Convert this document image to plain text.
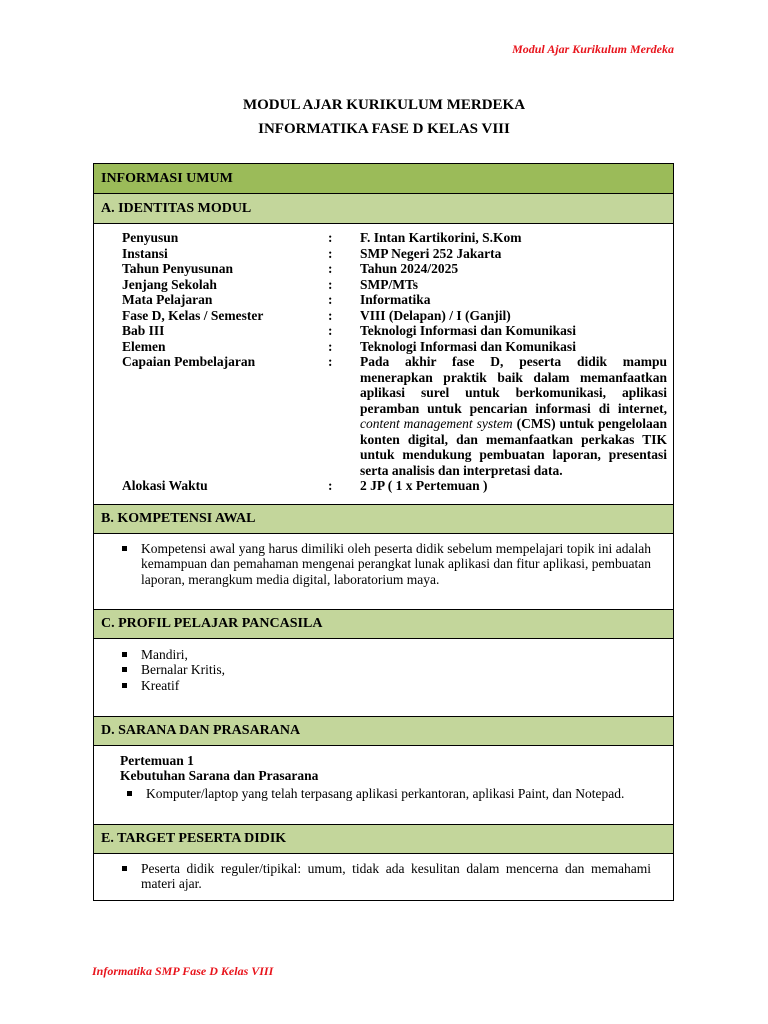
Modul Ajar Kurikulum Merdeka
MODUL AJAR KURIKULUM MERDEKA
INFORMATIKA FASE D KELAS VIII
INFORMASI UMUM
A. IDENTITAS MODUL
Penyusun	:	F. Intan Kartikorini, S.Kom
Instansi	:	SMP Negeri 252 Jakarta
Tahun Penyusunan	:	Tahun 2024/2025
Jenjang Sekolah	:	SMP/MTs
Mata Pelajaran	:	Informatika
Fase D, Kelas / Semester	:	VIII (Delapan) / I (Ganjil)
Bab III	:	Teknologi Informasi dan Komunikasi
Elemen	:	Teknologi Informasi dan Komunikasi
Capaian Pembelajaran	:	Pada akhir fase D, peserta didik mampu menerapkan praktik baik dalam memanfaatkan aplikasi surel untuk berkomunikasi, aplikasi peramban untuk pencarian informasi di internet, content management system (CMS) untuk pengelolaan konten digital, dan memanfaatkan perkakas TIK untuk mendukung pembuatan laporan, presentasi serta analisis dan interpretasi data.
Alokasi Waktu	:	2 JP ( 1 x Pertemuan )
B. KOMPETENSI AWAL
Kompetensi awal yang harus dimiliki oleh peserta didik sebelum mempelajari topik ini adalah kemampuan dan pemahaman mengenai perangkat lunak aplikasi dan fitur aplikasi, pembuatan laporan, merangkum media digital, laboratorium maya.
C. PROFIL PELAJAR PANCASILA
Mandiri,
Bernalar Kritis,
Kreatif
D. SARANA DAN PRASARANA
Pertemuan 1
Kebutuhan Sarana dan Prasarana
Komputer/laptop yang telah terpasang aplikasi perkantoran, aplikasi Paint, dan Notepad.
E. TARGET PESERTA DIDIK
Peserta didik reguler/tipikal: umum, tidak ada kesulitan dalam mencerna dan memahami materi ajar.
Informatika SMP Fase D Kelas VIII
